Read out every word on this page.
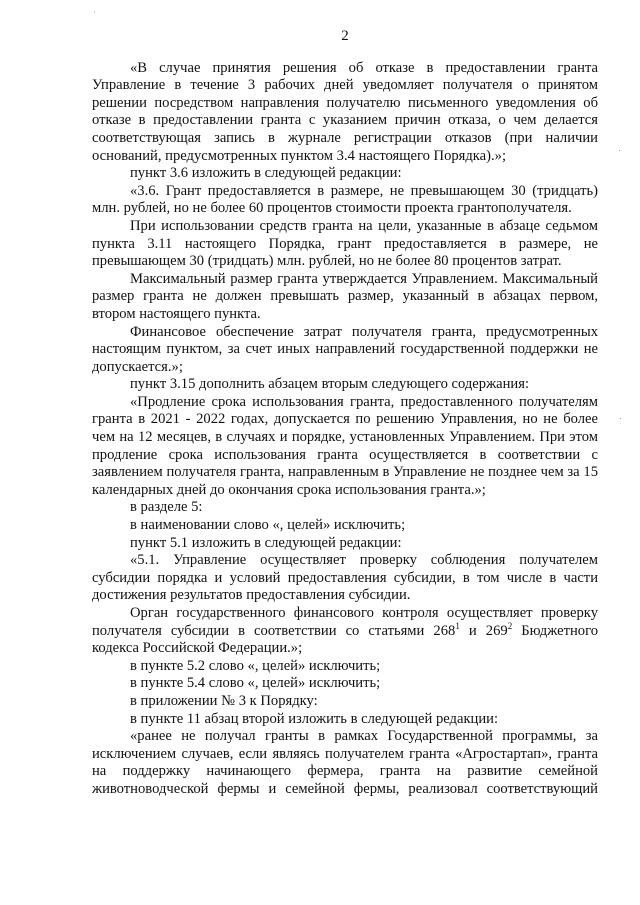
2

«В случае принятия решения об отказе в предоставлении гранта Управление в течение 3 рабочих дней уведомляет получателя о принятом решении посредством направления получателю письменного уведомления об отказе в предоставлении гранта с указанием причин отказа, о чем делается соответствующая запись в журнале регистрации отказов (при наличии оснований, предусмотренных пунктом 3.4 настоящего Порядка).»;

пункт 3.6 изложить в следующей редакции:

«3.6. Грант предоставляется в размере, не превышающем 30 (тридцать) млн. рублей, но не более 60 процентов стоимости проекта грантополучателя.

При использовании средств гранта на цели, указанные в абзаце седьмом пункта 3.11 настоящего Порядка, грант предоставляется в размере, не превышающем 30 (тридцать) млн. рублей, но не более 80 процентов затрат.

Максимальный размер гранта утверждается Управлением. Максимальный размер гранта не должен превышать размер, указанный в абзацах первом, втором настоящего пункта.

Финансовое обеспечение затрат получателя гранта, предусмотренных настоящим пунктом, за счет иных направлений государственной поддержки не допускается.»;

пункт 3.15 дополнить абзацем вторым следующего содержания:

«Продление срока использования гранта, предоставленного получателям гранта в 2021 - 2022 годах, допускается по решению Управления, но не более чем на 12 месяцев, в случаях и порядке, установленных Управлением. При этом продление срока использования гранта осуществляется в соответствии с заявлением получателя гранта, направленным в Управление не позднее чем за 15 календарных дней до окончания срока использования гранта.»;

в разделе 5:

в наименовании слово «, целей» исключить;

пункт 5.1 изложить в следующей редакции:

«5.1. Управление осуществляет проверку соблюдения получателем субсидии порядка и условий предоставления субсидии, в том числе в части достижения результатов предоставления субсидии.

Орган государственного финансового контроля осуществляет проверку получателя субсидии в соответствии со статьями $268^1$ и $269^2$ Бюджетного кодекса Российской Федерации.»;

в пункте 5.2 слово «, целей» исключить;

в пункте 5.4 слово «, целей» исключить;

в приложении № 3 к Порядку:

в пункте 11 абзац второй изложить в следующей редакции:

«ранее не получал гранты в рамках Государственной программы, за исключением случаев, если являясь получателем гранта «Агростартап», гранта на поддержку начинающего фермера, гранта на развитие семейной животноводческой фермы и семейной фермы, реализовал соответствующий
